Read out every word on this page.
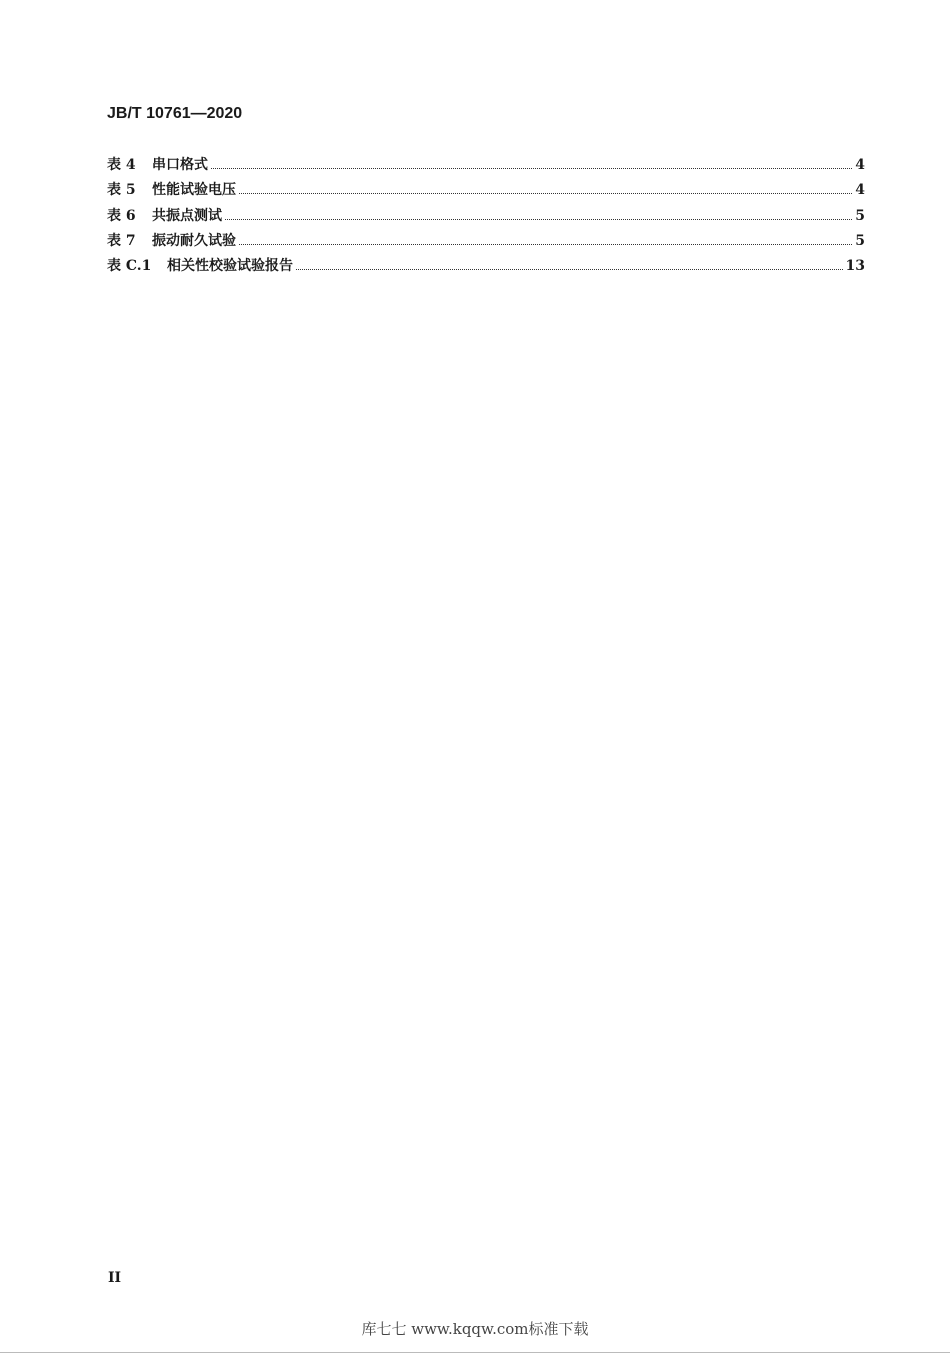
JB/T 10761—2020
表 4	串口格式	4
表 5	性能试验电压	4
表 6	共振点测试	5
表 7	振动耐久试验	5
表 C.1	相关性校验试验报告	13
II
库七七 www.kqqw.com标准下载
